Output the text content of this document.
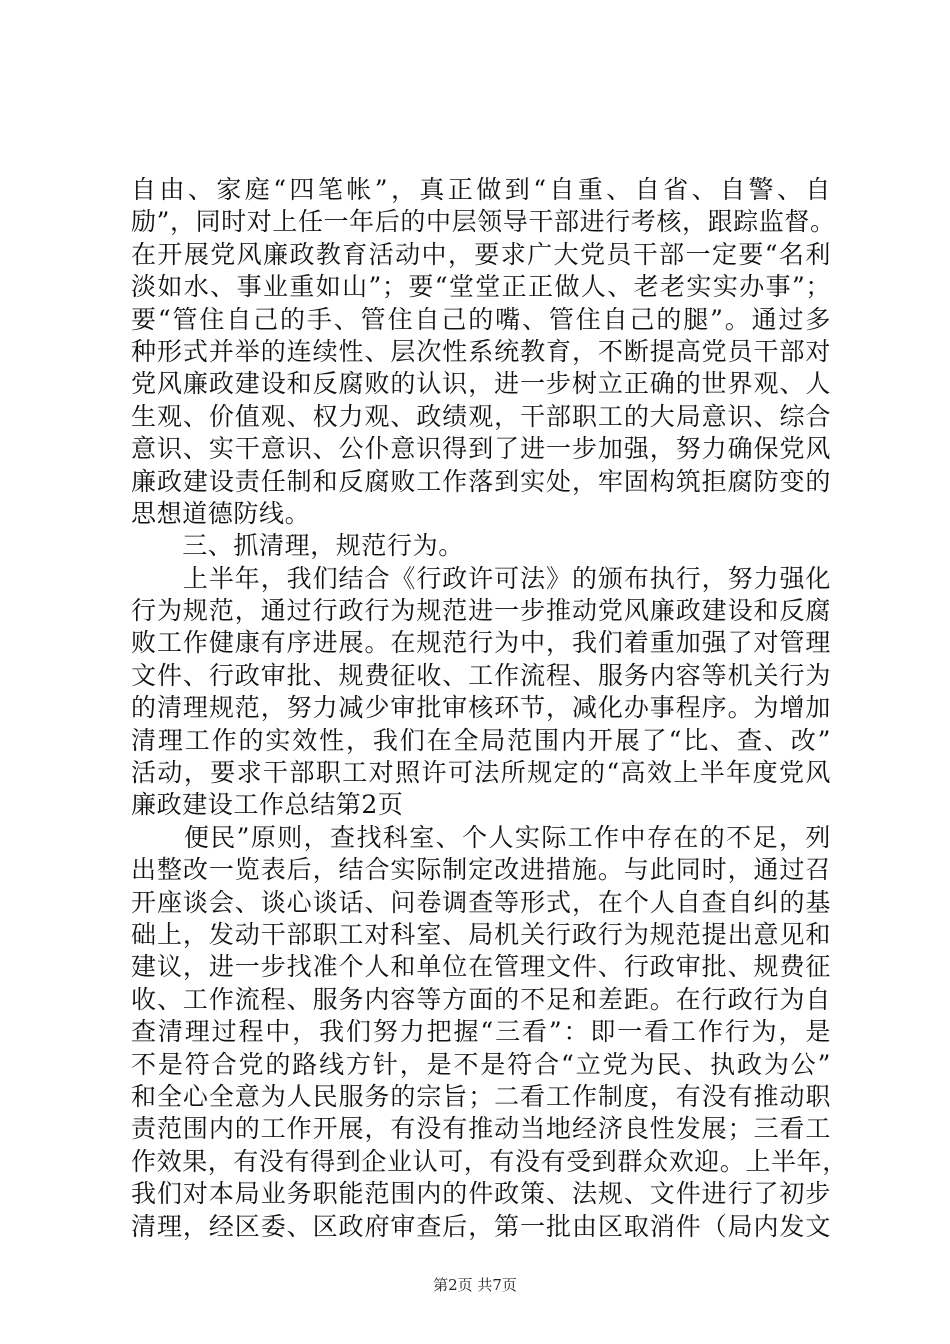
自由、家庭“四笔帐”，真正做到“自重、自省、自警、自
励”，同时对上任一年后的中层领导干部进行考核，跟踪监督。
在开展党风廉政教育活动中，要求广大党员干部一定要“名利
淡如水、事业重如山”；要“堂堂正正做人、老老实实办事”；
要“管住自己的手、管住自己的嘴、管住自己的腿”。通过多
种形式并举的连续性、层次性系统教育，不断提高党员干部对
党风廉政建设和反腐败的认识，进一步树立正确的世界观、人
生观、价值观、权力观、政绩观，干部职工的大局意识、综合
意识、实干意识、公仆意识得到了进一步加强，努力确保党风
廉政建设责任制和反腐败工作落到实处，牢固构筑拒腐防变的
思想道德防线。
　　三、抓清理，规范行为。
　　上半年，我们结合《行政许可法》的颁布执行，努力强化
行为规范，通过行政行为规范进一步推动党风廉政建设和反腐
败工作健康有序进展。在规范行为中，我们着重加强了对管理
文件、行政审批、规费征收、工作流程、服务内容等机关行为
的清理规范，努力减少审批审核环节，减化办事程序。为增加
清理工作的实效性，我们在全局范围内开展了“比、查、改”
活动，要求干部职工对照许可法所规定的“高效上半年度党风
廉政建设工作总结第2页
　　便民”原则，查找科室、个人实际工作中存在的不足，列
出整改一览表后，结合实际制定改进措施。与此同时，通过召
开座谈会、谈心谈话、问卷调查等形式，在个人自查自纠的基
础上，发动干部职工对科室、局机关行政行为规范提出意见和
建议，进一步找准个人和单位在管理文件、行政审批、规费征
收、工作流程、服务内容等方面的不足和差距。在行政行为自
查清理过程中，我们努力把握“三看”：即一看工作行为，是
不是符合党的路线方针，是不是符合“立党为民、执政为公”
和全心全意为人民服务的宗旨；二看工作制度，有没有推动职
责范围内的工作开展，有没有推动当地经济良性发展；三看工
作效果，有没有得到企业认可，有没有受到群众欢迎。上半年，
我们对本局业务职能范围内的件政策、法规、文件进行了初步
清理，经区委、区政府审查后，第一批由区取消件（局内发文
第2页 共7页
